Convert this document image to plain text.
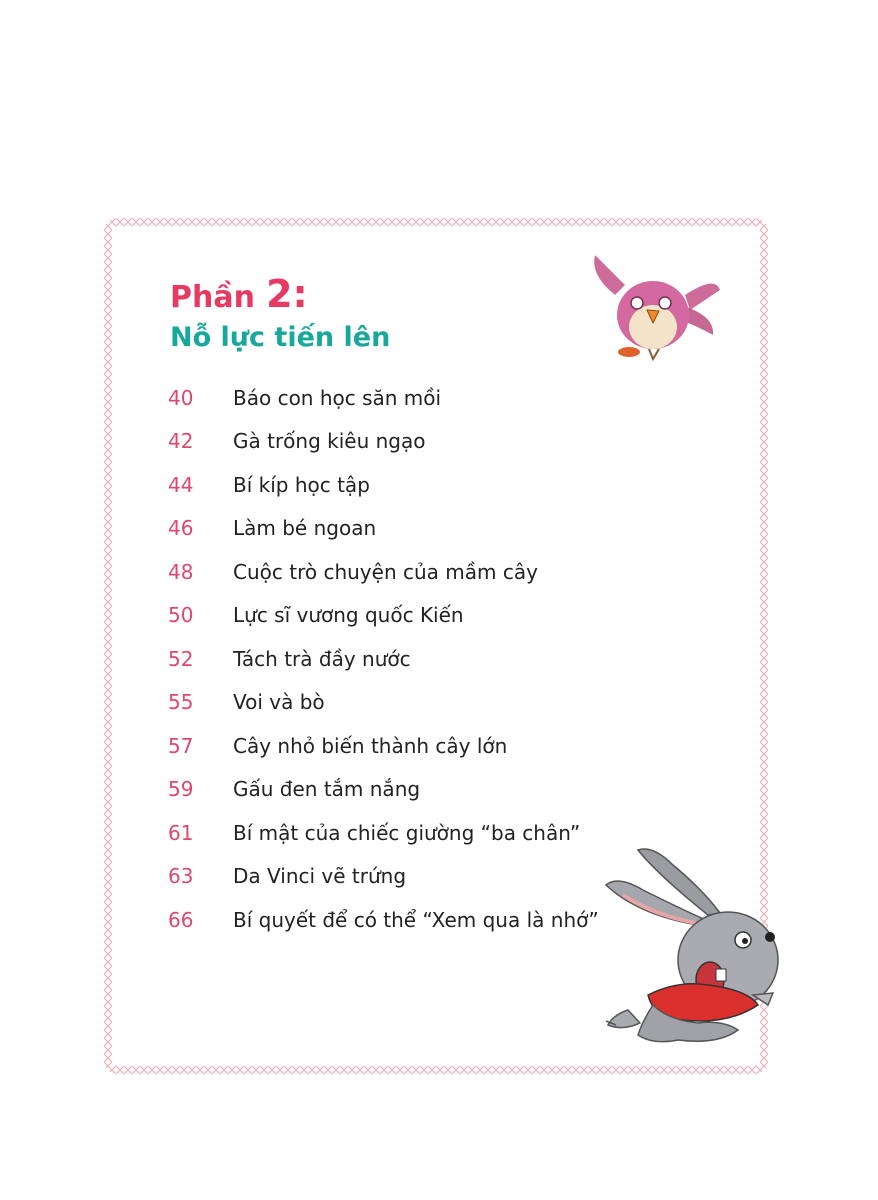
Phần 2:
Nỗ lực tiến lên
40	Báo con học săn mồi
42	Gà trống kiêu ngạo
44	Bí kíp học tập
46	Làm bé ngoan
48	Cuộc trò chuyện của mầm cây
50	Lực sĩ vương quốc Kiến
52	Tách trà đầy nước
55	Voi và bò
57	Cây nhỏ biến thành cây lớn
59	Gấu đen tắm nắng
61	Bí mật của chiếc giường “ba chân”
63	Da Vinci vẽ trứng
66	Bí quyết để có thể “Xem qua là nhớ”
